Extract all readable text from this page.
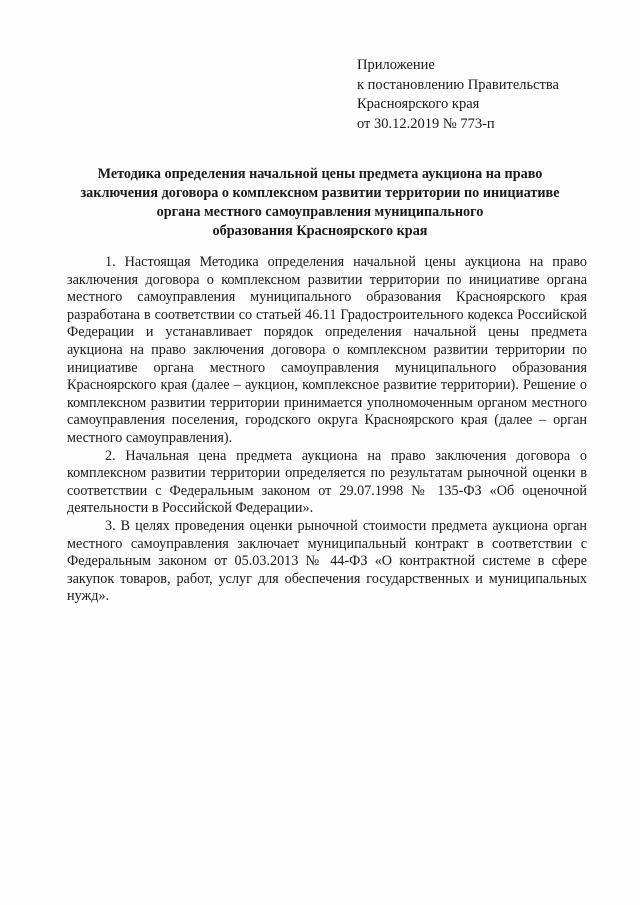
Приложение
к постановлению Правительства
Красноярского края
от 30.12.2019 № 773-п
Методика определения начальной цены предмета аукциона на право
заключения договора о комплексном развитии территории по инициативе
органа местного самоуправления муниципального
образования Красноярского края

1. Настоящая Методика определения начальной цены аукциона на право заключения договора о комплексном развитии территории по инициативе органа местного самоуправления муниципального образования Красноярского края разработана в соответствии со статьей 46.11 Градостроительного кодекса Российской Федерации и устанавливает порядок определения начальной цены предмета аукциона на право заключения договора о комплексном развитии территории по инициативе органа местного самоуправления муниципального образования Красноярского края (далее – аукцион, комплексное развитие территории). Решение о комплексном развитии территории принимается уполномоченным органом местного самоуправления поселения, городского округа Красноярского края (далее – орган местного самоуправления).

2. Начальная цена предмета аукциона на право заключения договора о комплексном развитии территории определяется по результатам рыночной оценки в соответствии с Федеральным законом от 29.07.1998 № 135-ФЗ «Об оценочной деятельности в Российской Федерации».

3. В целях проведения оценки рыночной стоимости предмета аукциона орган местного самоуправления заключает муниципальный контракт в соответствии с Федеральным законом от 05.03.2013 № 44-ФЗ «О контрактной системе в сфере закупок товаров, работ, услуг для обеспечения государственных и муниципальных нужд».
